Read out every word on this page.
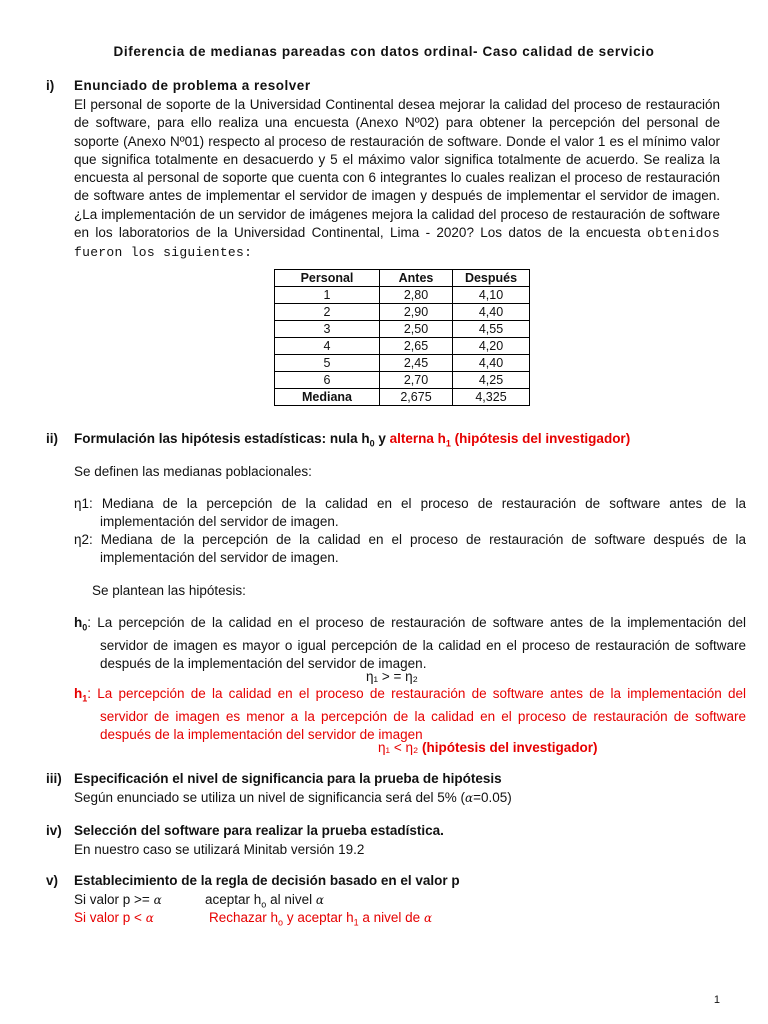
Diferencia de medianas pareadas con datos ordinal- Caso calidad de servicio
i)	Enunciado de problema a resolver
El personal de soporte de la Universidad Continental desea mejorar la calidad del proceso de restauración de software, para ello realiza una encuesta (Anexo Nº02) para obtener la percepción del personal de soporte (Anexo Nº01) respecto al proceso de restauración de software. Donde el valor 1 es el mínimo valor que significa totalmente en desacuerdo y 5 el máximo valor significa totalmente de acuerdo. Se realiza la encuesta al personal de soporte que cuenta con 6 integrantes lo cuales realizan el proceso de restauración de software antes de implementar el servidor de imagen y después de implementar el servidor de imagen. ¿La implementación de un servidor de imágenes mejora la calidad del proceso de restauración de software en los laboratorios de la Universidad Continental, Lima - 2020? Los datos de la encuesta obtenidos fueron los siguientes:
Personal	Antes	Después
1	2,80	4,10
2	2,90	4,40
3	2,50	4,55
4	2,65	4,20
5	2,45	4,40
6	2,70	4,25
Mediana	2,675	4,325
ii)	Formulación las hipótesis estadísticas: nula $h_0$ y alterna $h_1$ (hipótesis del investigador)
Se definen las medianas poblacionales:
η1: Mediana de la percepción de la calidad en el proceso de restauración de software antes de la implementación del servidor de imagen.
η2: Mediana de la percepción de la calidad en el proceso de restauración de software después de la implementación del servidor de imagen.
Se plantean las hipótesis:
$h_0$: La percepción de la calidad en el proceso de restauración de software antes de la implementación del servidor de imagen es mayor o igual percepción de la calidad en el proceso de restauración de software después de la implementación del servidor de imagen.
η₁ > = η₂
$h_1$: La percepción de la calidad en el proceso de restauración de software antes de la implementación del servidor de imagen es menor a la percepción de la calidad en el proceso de restauración de software después de la implementación del servidor de imagen
η₁ < η₂ (hipótesis del investigador)
iii) Especificación el nivel de significancia para la prueba de hipótesis
Según enunciado se utiliza un nivel de significancia será del 5% (α=0.05)
iv) Selección del software para realizar la prueba estadística.
En nuestro caso se utilizará Minitab versión 19.2
v)	Establecimiento de la regla de decisión basado en el valor p
Si valor p >= α	aceptar $h_o$ al nivel α
Si valor p < α	Rechazar $h_o$ y aceptar $h_1$ a nivel de α
1
